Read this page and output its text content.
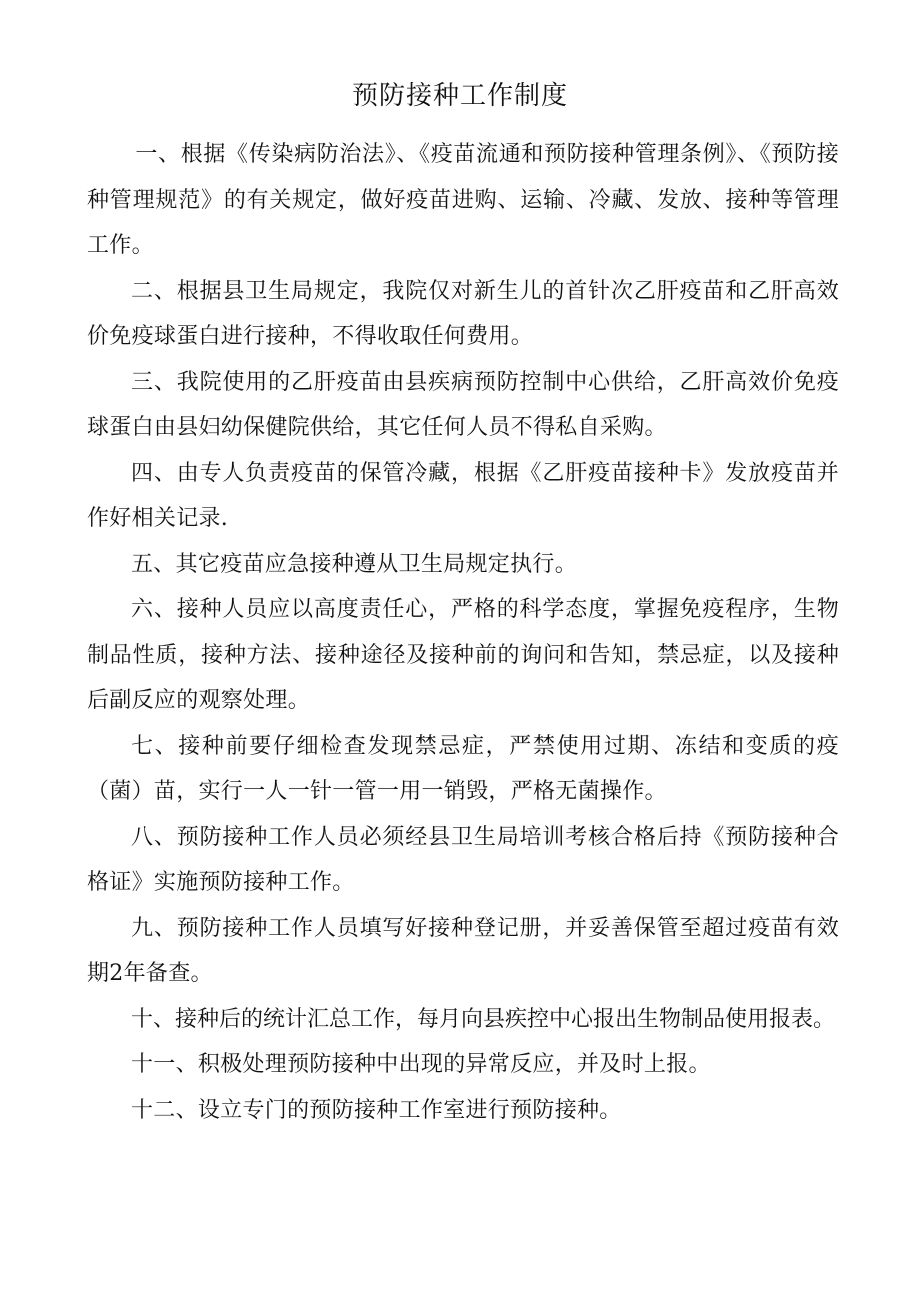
预防接种工作制度

一、根据《传染病防治法》、《疫苗流通和预防接种管理条例》、《预防接种管理规范》的有关规定，做好疫苗进购、运输、冷藏、发放、接种等管理工作。

二、根据县卫生局规定，我院仅对新生儿的首针次乙肝疫苗和乙肝高效价免疫球蛋白进行接种，不得收取任何费用。

三、我院使用的乙肝疫苗由县疾病预防控制中心供给，乙肝高效价免疫球蛋白由县妇幼保健院供给，其它任何人员不得私自采购。

四、由专人负责疫苗的保管冷藏，根据《乙肝疫苗接种卡》发放疫苗并作好相关记录.

五、其它疫苗应急接种遵从卫生局规定执行。

六、接种人员应以高度责任心，严格的科学态度，掌握免疫程序，生物制品性质，接种方法、接种途径及接种前的询问和告知，禁忌症，以及接种后副反应的观察处理。

七、接种前要仔细检查发现禁忌症，严禁使用过期、冻结和变质的疫（菌）苗，实行一人一针一管一用一销毁，严格无菌操作。

八、预防接种工作人员必须经县卫生局培训考核合格后持《预防接种合格证》实施预防接种工作。

九、预防接种工作人员填写好接种登记册，并妥善保管至超过疫苗有效期2年备查。

十、接种后的统计汇总工作，每月向县疾控中心报出生物制品使用报表。

十一、积极处理预防接种中出现的异常反应，并及时上报。

十二、设立专门的预防接种工作室进行预防接种。
